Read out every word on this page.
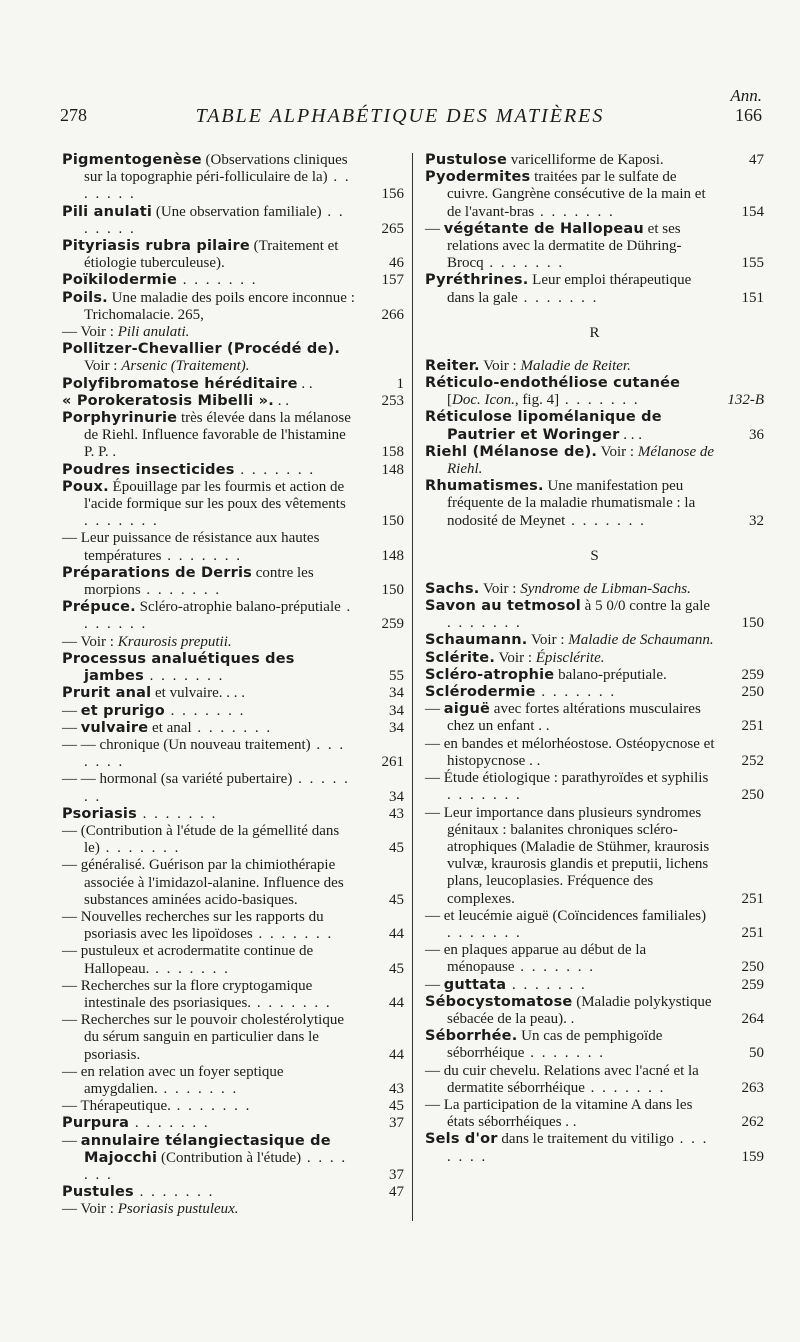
Ann.
278	TABLE ALPHABÉTIQUE DES MATIÈRES	166
Pigmentogenèse (Observations cliniques sur la topographie péri-folliculaire de la) . . . . . . .	156
Pili anulati (Une observation familiale) . . . . . . .	265
Pityriasis rubra pilaire (Traitement et étiologie tuberculeuse).	46
Poïkilodermie . . . . . . .	157
Poils. Une maladie des poils encore inconnue : Trichomalacie. 265,	266
— Voir : Pili anulati.
Pollitzer-Chevallier (Procédé de). Voir : Arsenic (Traitement).
Polyfibromatose héréditaire . .	1
« Porokeratosis Mibelli ». . .	253
Porphyrinurie très élevée dans la mélanose de Riehl. Influence favorable de l'histamine P. P. .	158
Poudres insecticides . . . . . . .	148
Poux. Épouillage par les fourmis et action de l'acide formique sur les poux des vêtements . . . . . . .	150
— Leur puissance de résistance aux hautes températures . . . . . . .	148
Préparations de Derris contre les morpions . . . . . . .	150
Prépuce. Scléro-atrophie balano-préputiale . . . . . . .	259
— Voir : Kraurosis preputii.
Processus analuétiques des jambes . . . . . . .	55
Prurit anal et vulvaire. . . .	34
— et prurigo . . . . . . .	34
— vulvaire et anal . . . . . . .	34
— — chronique (Un nouveau traitement) . . . . . . .	261
— — hormonal (sa variété pubertaire) . . . . . . .	34
Psoriasis . . . . . . .	43
— (Contribution à l'étude de la gémellité dans le) . . . . . . .	45
— généralisé. Guérison par la chimiothérapie associée à l'imidazol-alanine. Influence des substances aminées acido-basiques.	45
— Nouvelles recherches sur les rapports du psoriasis avec les lipoïdoses . . . . . . .	44
— pustuleux et acrodermatite continue de Hallopeau. . . . . . . .	45
— Recherches sur la flore cryptogamique intestinale des psoriasiques. . . . . . . .	44
— Recherches sur le pouvoir cholestérolytique du sérum sanguin en particulier dans le psoriasis.	44
— en relation avec un foyer septique amygdalien. . . . . . . .	43
— Thérapeutique. . . . . . . .	45
Purpura . . . . . . .	37
— annulaire télangiectasique de Majocchi (Contribution à l'étude) . . . . . . .	37
Pustules . . . . . . .	47
— Voir : Psoriasis pustuleux.
Pustulose varicelliforme de Kaposi.	47
Pyodermites traitées par le sulfate de cuivre. Gangrène consécutive de la main et de l'avant-bras . . . . . . .	154
— végétante de Hallopeau et ses relations avec la dermatite de Dühring-Brocq . . . . . . .	155
Pyréthrines. Leur emploi thérapeutique dans la gale . . . . . . .	151
R
Reiter. Voir : Maladie de Reiter.
Réticulo-endothéliose cutanée [Doc. Icon., fig. 4] . . . . . . .	132-B
Réticulose lipomélanique de Pautrier et Woringer . . .	36
Riehl (Mélanose de). Voir : Mélanose de Riehl.
Rhumatismes. Une manifestation peu fréquente de la maladie rhumatismale : la nodosité de Meynet . . . . . . .	32
S
Sachs. Voir : Syndrome de Libman-Sachs.
Savon au tetmosol à 5 0/0 contre la gale . . . . . . .	150
Schaumann. Voir : Maladie de Schaumann.
Sclérite. Voir : Épisclérite.
Scléro-atrophie balano-préputiale.	259
Sclérodermie . . . . . . .	250
— aiguë avec fortes altérations musculaires chez un enfant . .	251
— en bandes et mélorhéostose. Ostéopycnose et histopycnose . .	252
— Étude étiologique : parathyroïdes et syphilis . . . . . . .	250
— Leur importance dans plusieurs syndromes génitaux : balanites chroniques scléro-atrophiques (Maladie de Stühmer, kraurosis vulvæ, kraurosis glandis et preputii, lichens plans, leucoplasies. Fréquence des complexes.	251
— et leucémie aiguë (Coïncidences familiales) . . . . . . .	251
— en plaques apparue au début de la ménopause . . . . . . .	250
— guttata . . . . . . .	259
Sébocystomatose (Maladie polykystique sébacée de la peau). .	264
Séborrhée. Un cas de pemphigoïde séborrhéique . . . . . . .	50
— du cuir chevelu. Relations avec l'acné et la dermatite séborrhéique . . . . . . .	263
— La participation de la vitamine A dans les états séborrhéiques . .	262
Sels d'or dans le traitement du vitiligo . . . . . . .	159
